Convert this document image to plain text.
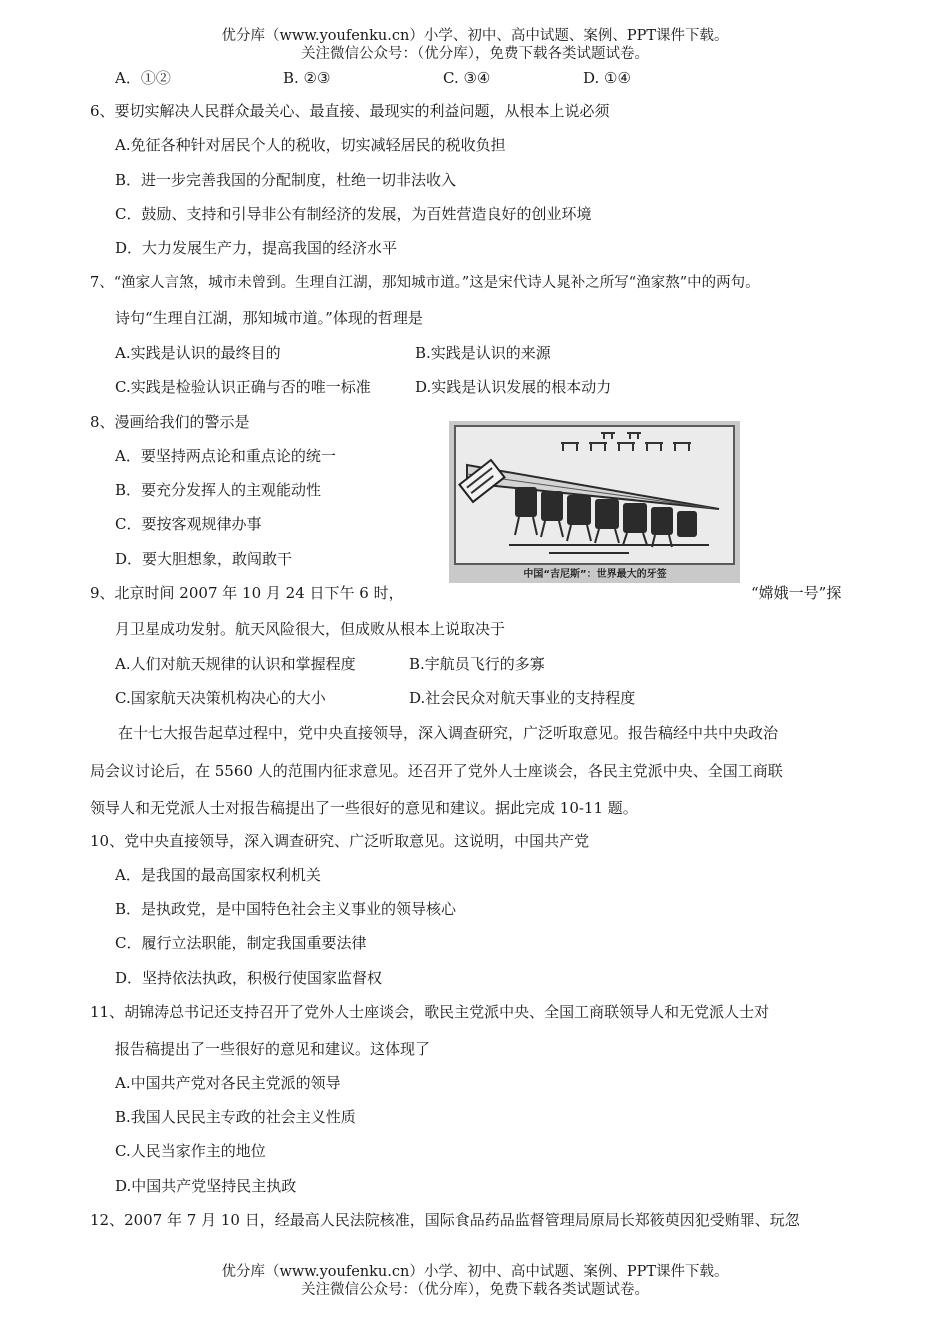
优分库（www.youfenku.cn）小学、初中、高中试题、案例、PPT课件下载。
关注微信公众号：（优分库），免费下载各类试题试卷。
A．①②	B. ②③	C. ③④	D. ①④
6、要切实解决人民群众最关心、最直接、最现实的利益问题，从根本上说必须
A.免征各种针对居民个人的税收，切实减轻居民的税收负担
B．进一步完善我国的分配制度，杜绝一切非法收入
C．鼓励、支持和引导非公有制经济的发展，为百姓营造良好的创业环境
D．大力发展生产力，提高我国的经济水平
7、“渔家人言煞，城市未曾到。生理自江湖，那知城市道。”这是宋代诗人晁补之所写“渔家熬”中的两句。
诗句“生理自江湖，那知城市道。”体现的哲理是
A.实践是认识的最终目的	B.实践是认识的来源
C.实践是检验认识正确与否的唯一标准	D.实践是认识发展的根本动力
8、漫画给我们的警示是
A．要坚持两点论和重点论的统一
B．要充分发挥人的主观能动性
C．要按客观规律办事
D．要大胆想象，敢闯敢干
中国“吉尼斯”：世界最大的牙签
9、北京时间 2007 年 10 月 24 日下午 6 时，	“嫦娥一号”探
月卫星成功发射。航天风险很大，但成败从根本上说取决于
A.人们对航天规律的认识和掌握程度	B.宇航员飞行的多寡
C.国家航天决策机构决心的大小	D.社会民众对航天事业的支持程度
在十七大报告起草过程中，党中央直接领导，深入调查研究，广泛听取意见。报告稿经中共中央政治
局会议讨论后，在 5560 人的范围内征求意见。还召开了党外人士座谈会，各民主党派中央、全国工商联
领导人和无党派人士对报告稿提出了一些很好的意见和建议。据此完成 10-11 题。
10、党中央直接领导，深入调查研究、广泛听取意见。这说明，中国共产党
A．是我国的最高国家权利机关
B．是执政党，是中国特色社会主义事业的领导核心
C．履行立法职能，制定我国重要法律
D．坚持依法执政，积极行使国家监督权
11、胡锦涛总书记还支持召开了党外人士座谈会，歌民主党派中央、全国工商联领导人和无党派人士对
报告稿提出了一些很好的意见和建议。这体现了
A.中国共产党对各民主党派的领导
B.我国人民民主专政的社会主义性质
C.人民当家作主的地位
D.中国共产党坚持民主执政
12、2007 年 7 月 10 日，经最高人民法院核准，国际食品药品监督管理局原局长郑筱萸因犯受贿罪、玩忽
优分库（www.youfenku.cn）小学、初中、高中试题、案例、PPT课件下载。
关注微信公众号：（优分库），免费下载各类试题试卷。
